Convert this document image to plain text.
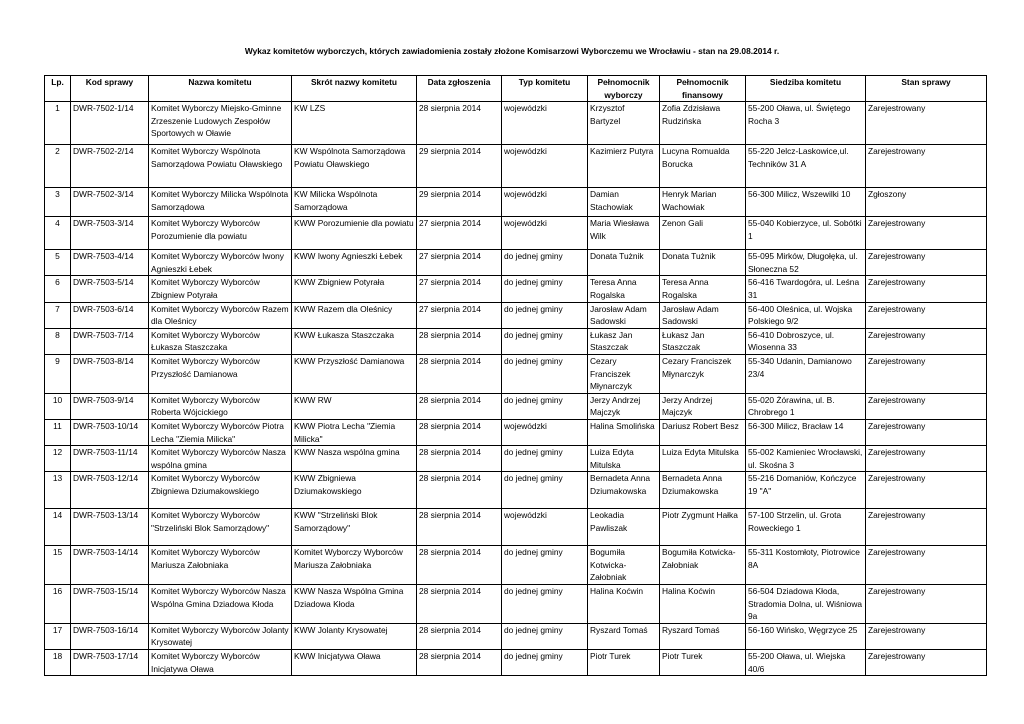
Wykaz komitetów wyborczych, których zawiadomienia zostały złożone Komisarzowi Wyborczemu we Wrocławiu - stan na 29.08.2014 r.
Lp.	Kod sprawy	Nazwa komitetu	Skrót nazwy komitetu	Data zgłoszenia	Typ komitetu	Pełnomocnik wyborczy	Pełnomocnik finansowy	Siedziba komitetu	Stan sprawy
1	DWR-7502-1/14	Komitet Wyborczy Miejsko-Gminne Zrzeszenie Ludowych Zespołów Sportowych w Oławie	KW LZS	28 sierpnia 2014	wojewódzki	Krzysztof Bartyzel	Zofia Zdzisława Rudzińska	55-200 Oława, ul. Świętego Rocha 3	Zarejestrowany
2	DWR-7502-2/14	Komitet Wyborczy Wspólnota Samorządowa Powiatu Oławskiego	KW Wspólnota Samorządowa Powiatu Oławskiego	29 sierpnia 2014	wojewódzki	Kazimierz Putyra	Lucyna Romualda Borucka	55-220 Jelcz-Laskowice,ul. Techników 31 A	Zarejestrowany
3	DWR-7502-3/14	Komitet Wyborczy Milicka Wspólnota Samorządowa	KW Milicka Wspólnota Samorządowa	29 sierpnia 2014	wojewódzki	Damian Stachowiak	Henryk Marian Wachowiak	56-300 Milicz, Wszewilki 10	Zgłoszony
4	DWR-7503-3/14	Komitet Wyborczy Wyborców Porozumienie dla powiatu	KWW Porozumienie dla powiatu	27 sierpnia 2014	wojewódzki	Maria Wiesława Wilk	Zenon Gali	55-040 Kobierzyce, ul. Sobótki 1	Zarejestrowany
5	DWR-7503-4/14	Komitet Wyborczy Wyborców Iwony Agnieszki Łebek	KWW Iwony Agnieszki Łebek	27 sierpnia 2014	do jednej gminy	Donata Tużnik	Donata Tużnik	55-095 Mirków, Długołęka, ul. Słoneczna 52	Zarejestrowany
6	DWR-7503-5/14	Komitet Wyborczy Wyborców Zbigniew Potyrała	KWW Zbigniew Potyrała	27 sierpnia 2014	do jednej gminy	Teresa Anna Rogalska	Teresa Anna Rogalska	56-416 Twardogóra, ul. Leśna 31	Zarejestrowany
7	DWR-7503-6/14	Komitet Wyborczy Wyborców Razem dla Oleśnicy	KWW Razem dla Oleśnicy	27 sierpnia 2014	do jednej gminy	Jarosław Adam Sadowski	Jarosław Adam Sadowski	56-400 Oleśnica, ul. Wojska Polskiego 9/2	Zarejestrowany
8	DWR-7503-7/14	Komitet Wyborczy Wyborców Łukasza Staszczaka	KWW Łukasza Staszczaka	28 sierpnia 2014	do jednej gminy	Łukasz Jan Staszczak	Łukasz Jan Staszczak	56-410 Dobroszyce, ul. Wiosenna 33	Zarejestrowany
9	DWR-7503-8/14	Komitet Wyborczy Wyborców Przyszłość Damianowa	KWW Przyszłość Damianowa	28 sierpnia 2014	do jednej gminy	Cezary Franciszek Młynarczyk	Cezary Franciszek Młynarczyk	55-340 Udanin, Damianowo 23/4	Zarejestrowany
10	DWR-7503-9/14	Komitet Wyborczy Wyborców Roberta Wójcickiego	KWW RW	28 sierpnia 2014	do jednej gminy	Jerzy Andrzej Majczyk	Jerzy Andrzej Majczyk	55-020 Żórawina, ul. B. Chrobrego 1	Zarejestrowany
11	DWR-7503-10/14	Komitet Wyborczy Wyborców Piotra Lecha "Ziemia Milicka"	KWW Piotra Lecha "Ziemia Milicka"	28 sierpnia 2014	wojewódzki	Halina Smolińska	Dariusz Robert Besz	56-300 Milicz, Bracław 14	Zarejestrowany
12	DWR-7503-11/14	Komitet Wyborczy Wyborców Nasza wspólna gmina	KWW Nasza wspólna gmina	28 sierpnia 2014	do jednej gminy	Luiza Edyta Mitulska	Luiza Edyta Mitulska	55-002 Kamieniec Wrocławski, ul. Skośna 3	Zarejestrowany
13	DWR-7503-12/14	Komitet Wyborczy Wyborców Zbigniewa Dziumakowskiego	KWW Zbigniewa Dziumakowskiego	28 sierpnia 2014	do jednej gminy	Bernadeta Anna Dziumakowska	Bernadeta Anna Dziumakowska	55-216 Domaniów, Kończyce 19 "A"	Zarejestrowany
14	DWR-7503-13/14	Komitet Wyborczy Wyborców "Strzeliński Blok Samorządowy"	KWW "Strzeliński Blok Samorządowy"	28 sierpnia 2014	wojewódzki	Leokadia Pawliszak	Piotr Zygmunt Hałka	57-100 Strzelin, ul. Grota Roweckiego 1	Zarejestrowany
15	DWR-7503-14/14	Komitet Wyborczy Wyborców Mariusza Załobniaka	Komitet Wyborczy Wyborców Mariusza Załobniaka	28 sierpnia 2014	do jednej gminy	Bogumiła Kotwicka-Załobniak	Bogumiła Kotwicka-Załobniak	55-311 Kostomłoty, Piotrowice 8A	Zarejestrowany
16	DWR-7503-15/14	Komitet Wyborczy Wyborców Nasza Wspólna Gmina Dziadowa Kłoda	KWW Nasza Wspólna Gmina Dziadowa Kłoda	28 sierpnia 2014	do jednej gminy	Halina Koćwin	Halina Koćwin	56-504 Dziadowa Kłoda, Stradomia Dolna, ul. Wiśniowa 9a	Zarejestrowany
17	DWR-7503-16/14	Komitet Wyborczy Wyborców Jolanty Krysowatej	KWW Jolanty Krysowatej	28 sierpnia 2014	do jednej gminy	Ryszard Tomaś	Ryszard Tomaś	56-160 Wińsko, Węgrzyce 25	Zarejestrowany
18	DWR-7503-17/14	Komitet Wyborczy Wyborców Inicjatywa Oława	KWW Inicjatywa Oława	28 sierpnia 2014	do jednej gminy	Piotr Turek	Piotr Turek	55-200 Oława, ul. Wiejska 40/6	Zarejestrowany
